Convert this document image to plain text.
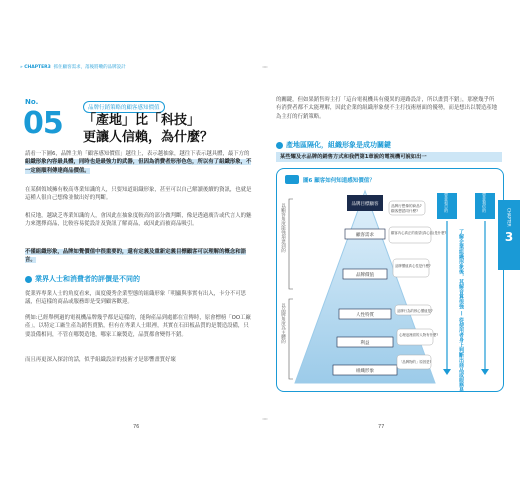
» CHAPTER3 抓住顧客需求，落後將嘞的品牌設計
No.
05	品牌行銷策略的顧客感知價值
「產地」比「科技」
更讓人信賴，為什麼？
請看一下圖6，品牌主角「顧客感知價值」越往上，表示越抽象，越往下表示越具體，最下方的組織形象內容最具體，同時也是最強力的武器，但因為消費者形形色色，所以有了組織形象，不一定能順利傳達商品價值。
在某個領域擁有較高專業知識的人，只要知道組織形象，甚至可以自己解讀後續的資訊，也就是這種人很自己想像並做出好的判斷。
相反地，越缺乏專業知識的人，會因此在抽象度較高的部分做判斷，像是透過廣告或代言人的魅力來選擇商品，比較容易從設計及資訊了解商品，或因此而被商品吸引。
不僅組織形象，品牌如覺價值中很重要的，還有定義及重新定義目標顧客可以理解的概念和語言。
業界人士和消費者的評價是不同的
從業界專業人士的角度看來，面度優秀企業型態的組織形象「明顯與事實有出入，卡分不可思議，但這樣的商品或服務即是受到顧客歡迎。
例如:已經舉例過的電視機品牌幾乎都是這樣的，能夠產品到處都在宣傳時，原會標榜「OO工廠產」，以特定工廠生產為銷售賣點，但有在專業人士眼裡，其實在石田板品質的是製造設備，只要設備相同，不管在哪製造地，哪家工廠製造，品質都會變得不錯。
而且再更深入探討的話，似乎組織設計的技術才是影響畫質好壞
76
的關鍵，但如果銷售時主打「這台電視機具有優異的迎路設計，所以畫質不錯」，那麼幾乎所有消費者都不太能理解，因此企業的組織形象便不主打技術層面的優勢，而是想出以製造產地為主打的行銷策略。
產地區隔化，組織形象是成功關鍵
某些耀及水品牌的銷售方式和我們第1章說的電視機可說如出一
圖6 顧客如何知道感知價值？
品牌目標顧客
顧客需求
品牌價值
人性特質
利益
組織形象
以顧客角度能強項達到的
以品牌角度為主體的
品牌行想像的商品?
顧客想認同什麼?
顧客內心真正的欲望(真心話)是什麼?
品牌價值真心性是什麼?
品牌行為的核心價值是?
心理這裡面的人物有什麼?
「品牌物的」原因是?
重要意和目的	重要意利倍的
了解企業組織形象後，其解音算很強 — 從使用者身上判斷出商品或服務是否適合自己
77
CHAPTER
3
